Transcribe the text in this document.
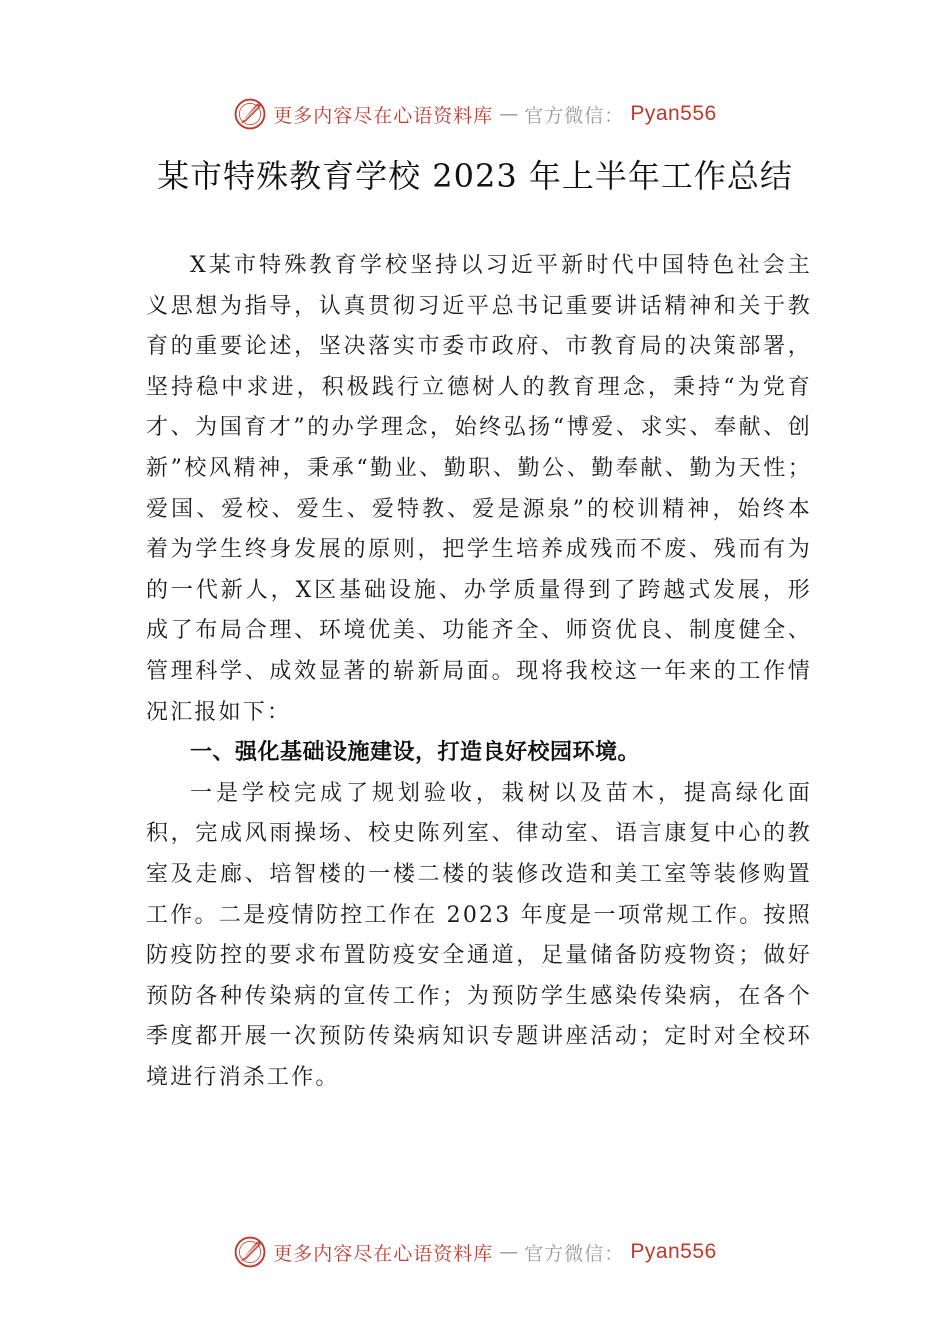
更多内容尽在心语资料库 — 官方微信： Pyan556
某市特殊教育学校 2023 年上半年工作总结

X某市特殊教育学校坚持以习近平新时代中国特色社会主义思想为指导，认真贯彻习近平总书记重要讲话精神和关于教育的重要论述，坚决落实市委市政府、市教育局的决策部署，坚持稳中求进，积极践行立德树人的教育理念，秉持“为党育才、为国育才”的办学理念，始终弘扬“博爱、求实、奉献、创新”校风精神，秉承“勤业、勤职、勤公、勤奉献、勤为天性；爱国、爱校、爱生、爱特教、爱是源泉”的校训精神，始终本着为学生终身发展的原则，把学生培养成残而不废、残而有为的一代新人，X区基础设施、办学质量得到了跨越式发展，形成了布局合理、环境优美、功能齐全、师资优良、制度健全、管理科学、成效显著的崭新局面。现将我校这一年来的工作情况汇报如下：

一、强化基础设施建设，打造良好校园环境。

一是学校完成了规划验收，栽树以及苗木，提高绿化面积，完成风雨操场、校史陈列室、律动室、语言康复中心的教室及走廊、培智楼的一楼二楼的装修改造和美工室等装修购置工作。二是疫情防控工作在 2023 年度是一项常规工作。按照防疫防控的要求布置防疫安全通道，足量储备防疫物资；做好预防各种传染病的宣传工作；为预防学生感染传染病，在各个季度都开展一次预防传染病知识专题讲座活动；定时对全校环境进行消杀工作。

更多内容尽在心语资料库 — 官方微信： Pyan556
